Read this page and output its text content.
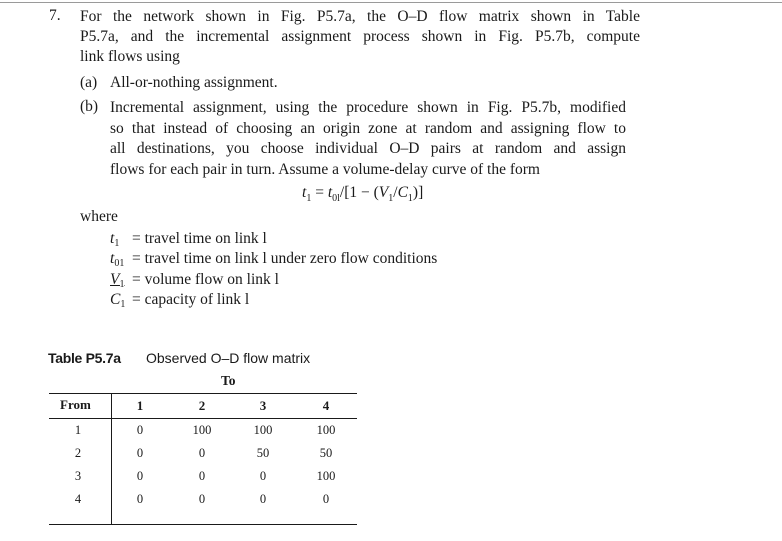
7. For the network shown in Fig. P5.7a, the O–D flow matrix shown in Table
P5.7a, and the incremental assignment process shown in Fig. P5.7b, compute
link flows using
(a) All-or-nothing assignment.
(b) Incremental assignment, using the procedure shown in Fig. P5.7b, modified
so that instead of choosing an origin zone at random and assigning flow to
all destinations, you choose individual O–D pairs at random and assign
flows for each pair in turn. Assume a volume-delay curve of the form
$t_1 = t_{0l}/[1 - (V_1/C_1)]$
where
$t_1$ = travel time on link l
$t_{01}$ = travel time on link l under zero flow conditions
$V_1$ = volume flow on link l
$C_1$ = capacity of link l
Table P5.7a Observed O–D flow matrix
To
From	1	2	3	4
1	0	100	100	100
2	0	0	50	50
3	0	0	0	100
4	0	0	0	0
